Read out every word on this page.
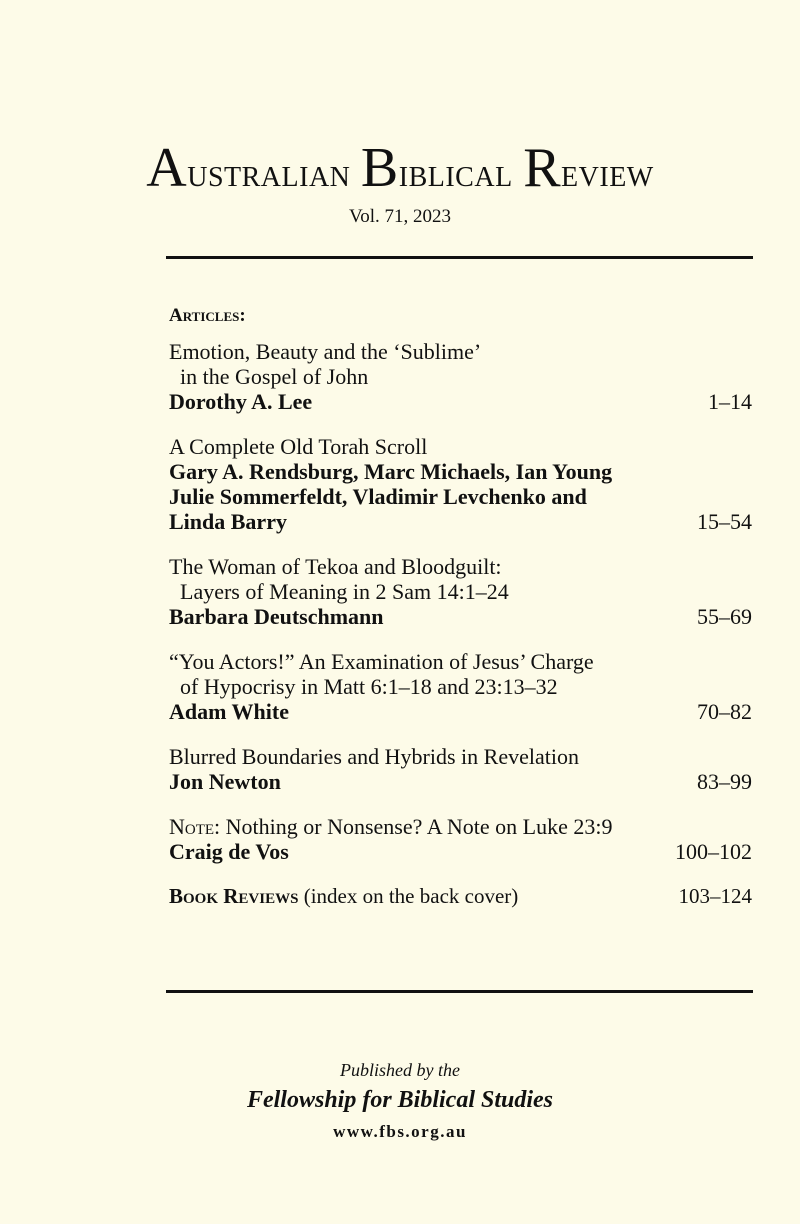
Australian Biblical Review
Vol. 71, 2023
Articles:
Emotion, Beauty and the ‘Sublime’
in the Gospel of John
Dorothy A. Lee	1–14
A Complete Old Torah Scroll
Gary A. Rendsburg, Marc Michaels, Ian Young
Julie Sommerfeldt, Vladimir Levchenko and
Linda Barry	15–54
The Woman of Tekoa and Bloodguilt:
Layers of Meaning in 2 Sam 14:1–24
Barbara Deutschmann	55–69
“You Actors!” An Examination of Jesus’ Charge
of Hypocrisy in Matt 6:1–18 and 23:13–32
Adam White	70–82
Blurred Boundaries and Hybrids in Revelation
Jon Newton	83–99
Note: Nothing or Nonsense? A Note on Luke 23:9
Craig de Vos	100–102
Book Reviews (index on the back cover)	103–124
Published by the
Fellowship for Biblical Studies
www.fbs.org.au
